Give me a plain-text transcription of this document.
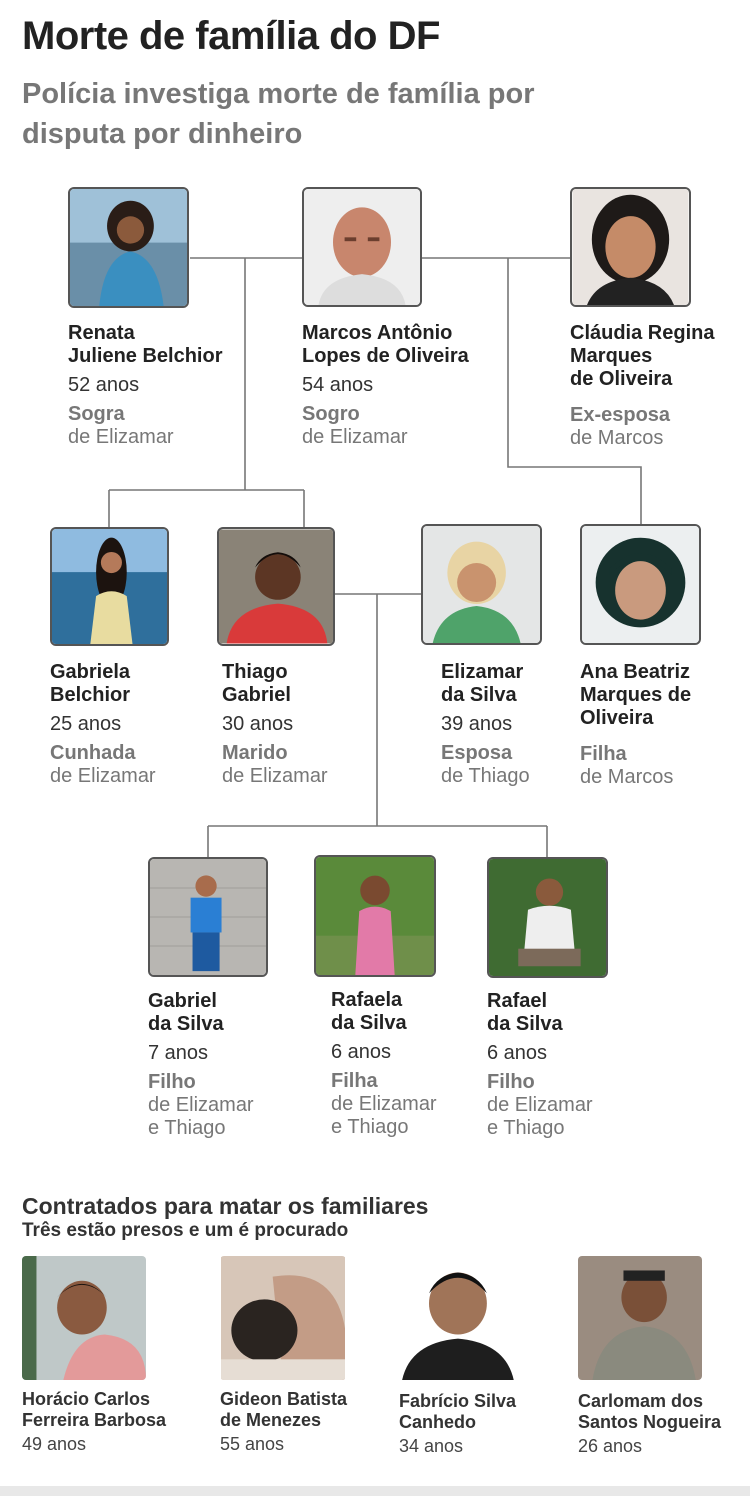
Morte de família do DF
Polícia investiga morte de família por disputa por dinheiro
Renata
Juliene Belchior
52 anos
Sogra
de Elizamar
Marcos Antônio
Lopes de Oliveira
54 anos
Sogro
de Elizamar
Cláudia Regina
Marques
de Oliveira
Ex-esposa
de Marcos
Gabriela
Belchior
25 anos
Cunhada
de Elizamar
Thiago
Gabriel
30 anos
Marido
de Elizamar
Elizamar
da Silva
39 anos
Esposa
de Thiago
Ana Beatriz
Marques de
Oliveira
Filha
de Marcos
Gabriel
da Silva
7 anos
Filho
de Elizamar
e Thiago
Rafaela
da Silva
6 anos
Filha
de Elizamar
e Thiago
Rafael
da Silva
6 anos
Filho
de Elizamar
e Thiago
Contratados para matar os familiares
Três estão presos e um é procurado
Horácio Carlos
Ferreira Barbosa
49 anos
Gideon Batista
de Menezes
55 anos
Fabrício Silva
Canhedo
34 anos
Carlomam dos
Santos Nogueira
26 anos
